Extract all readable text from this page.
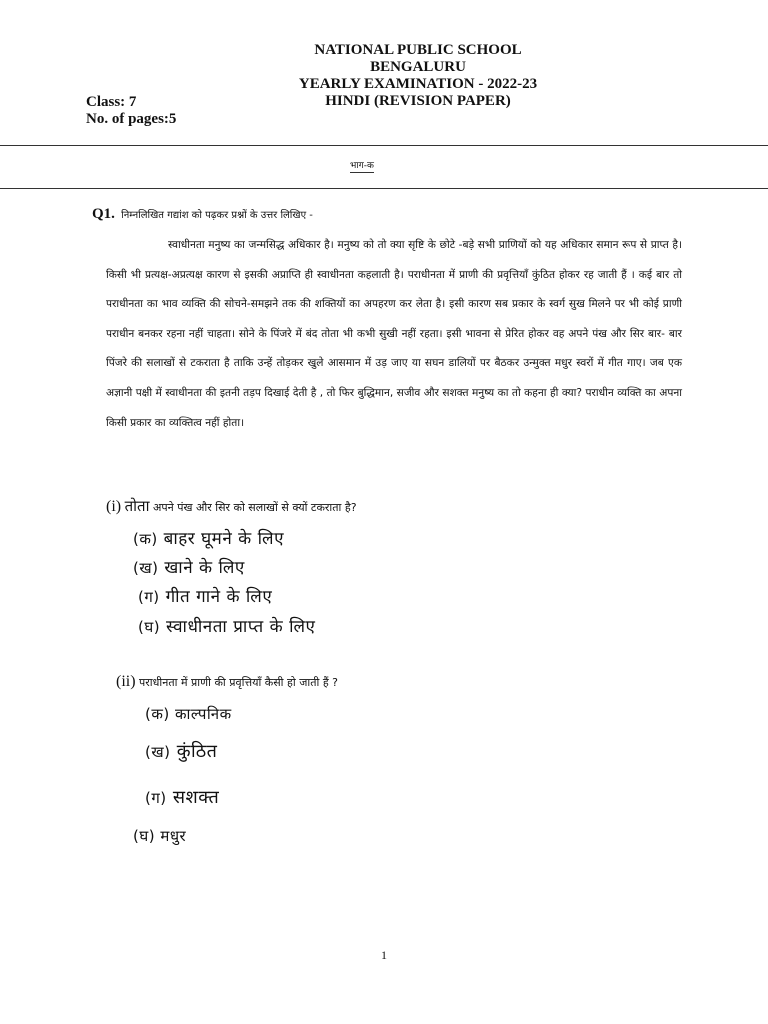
NATIONAL PUBLIC SCHOOL
BENGALURU
YEARLY EXAMINATION - 2022-23
Class: 7
No. of pages:5
HINDI (REVISION PAPER)
भाग-क
Q1. निम्नलिखित गद्यांश को पढ़कर प्रश्नों के उत्तर लिखिए -
स्वाधीनता मनुष्य का जन्मसिद्ध अधिकार है। मनुष्य को तो क्या सृष्टि के छोटे -बड़े सभी प्राणियों को यह अधिकार समान रूप से प्राप्त है। किसी भी प्रत्यक्ष-अप्रत्यक्ष कारण से इसकी अप्राप्ति ही स्वाधीनता कहलाती है। पराधीनता में प्राणी की प्रवृत्तियाँ कुंठित होकर रह जाती हैं । कई बार तो पराधीनता का भाव व्यक्ति की सोचने-समझने तक की शक्तियों का अपहरण कर लेता है। इसी कारण सब प्रकार के स्वर्ग सुख मिलने पर भी कोई प्राणी पराधीन बनकर रहना नहीं चाहता। सोने के पिंजरे में बंद तोता भी कभी सुखी नहीं रहता। इसी भावना से प्रेरित होकर वह अपने पंख और सिर बार- बार पिंजरे की सलाखों से टकराता है ताकि उन्हें तोड़कर खुले आसमान में उड़ जाए या सघन डालियों पर बैठकर उन्मुक्त मधुर स्वरों में गीत गाए। जब एक अज्ञानी पक्षी में स्वाधीनता की इतनी तड़प दिखाई देती है , तो फिर बुद्धिमान, सजीव और सशक्त मनुष्य का तो कहना ही क्या? पराधीन व्यक्ति का अपना किसी प्रकार का व्यक्तित्व नहीं होता।
(i) तोता अपने पंख और सिर को सलाखों से क्यों टकराता है?
(क) बाहर घूमने के लिए
(ख) खाने के लिए
(ग) गीत गाने के लिए
(घ) स्वाधीनता प्राप्त के लिए
(ii) पराधीनता में प्राणी की प्रवृत्तियाँ कैसी हो जाती हैं ?
(क) काल्पनिक
(ख) कुंठित
(ग) सशक्त
(घ) मधुर
1
